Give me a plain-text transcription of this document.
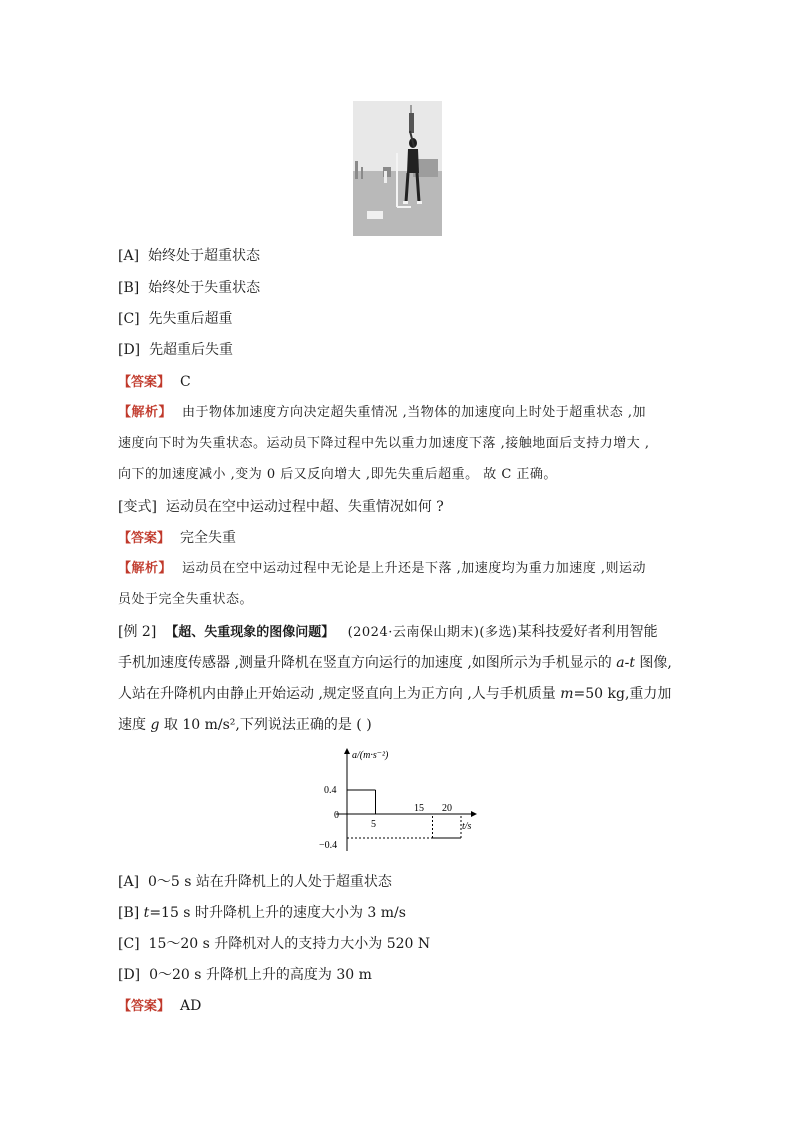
[A] 始终处于超重状态
[B] 始终处于失重状态
[C] 先失重后超重
[D] 先超重后失重
【答案】 C
【解析】 由于物体加速度方向决定超失重情况 ,当物体的加速度向上时处于超重状态 ,加
速度向下时为失重状态。运动员下降过程中先以重力加速度下落 ,接触地面后支持力增大 ,
向下的加速度减小 ,变为 0 后又反向增大 ,即先失重后超重。 故 C 正确。
[变式] 运动员在空中运动过程中超、失重情况如何 ?
【答案】 完全失重
【解析】 运动员在空中运动过程中无论是上升还是下落 ,加速度均为重力加速度 ,则运动
员处于完全失重状态。
[例 2] 【超、失重现象的图像问题】 (2024·云南保山期末)(多选)某科技爱好者利用智能
手机加速度传感器 ,测量升降机在竖直方向运行的加速度 ,如图所示为手机显示的 a-t 图像,
人站在升降机内由静止开始运动 ,规定竖直向上为正方向 ,人与手机质量 m=50 kg,重力加
速度 g 取 10 m/s²,下列说法正确的是 ( )
a/(m·s⁻²)
t/s
0.4
0
−0.4
5
15 20
[A] 0～5 s 站在升降机上的人处于超重状态
[B] t=15 s 时升降机上升的速度大小为 3 m/s
[C] 15～20 s 升降机对人的支持力大小为 520 N
[D] 0～20 s 升降机上升的高度为 30 m
【答案】 AD
